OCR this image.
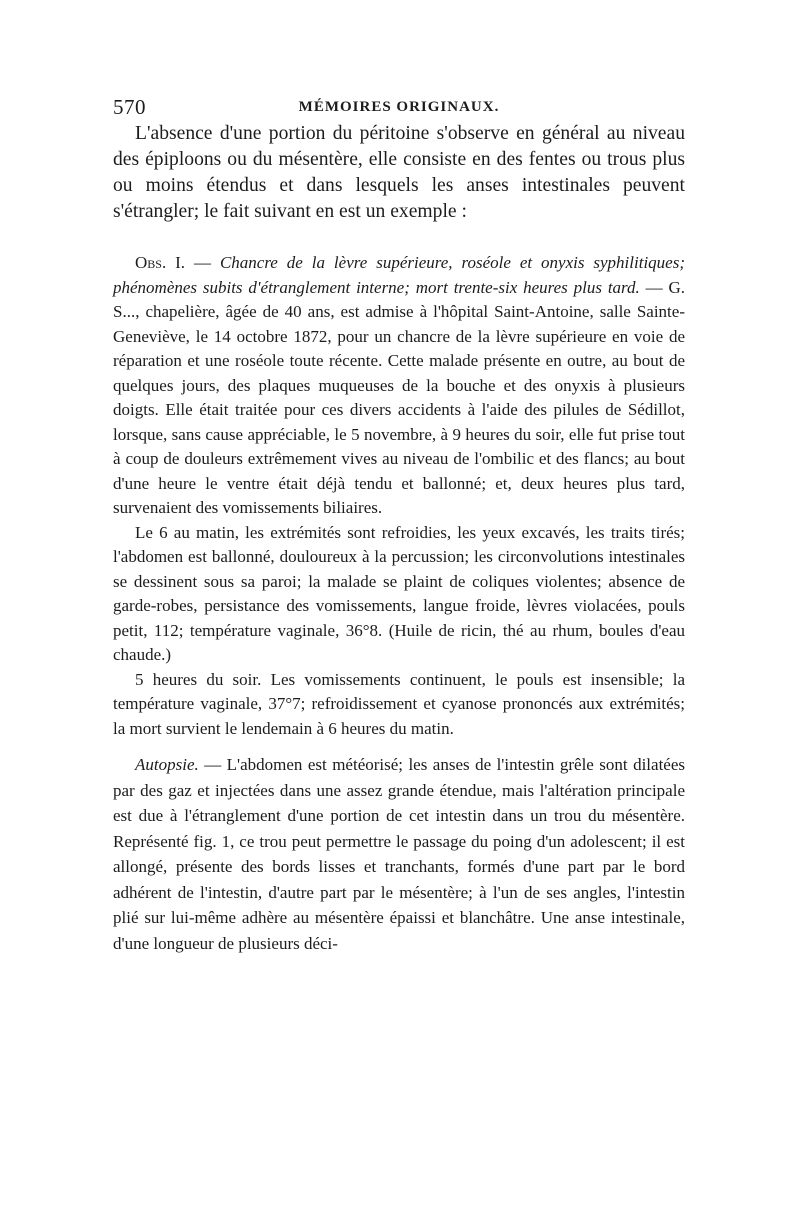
570	MÉMOIRES ORIGINAUX.

L'absence d'une portion du péritoine s'observe en général au niveau des épiploons ou du mésentère, elle consiste en des fentes ou trous plus ou moins étendus et dans lesquels les anses intestinales peuvent s'étrangler; le fait suivant en est un exemple :

Obs. I. — Chancre de la lèvre supérieure, roséole et onyxis syphilitiques; phénomènes subits d'étranglement interne; mort trente-six heures plus tard. — G. S..., chapelière, âgée de 40 ans, est admise à l'hôpital Saint-Antoine, salle Sainte-Geneviève, le 14 octobre 1872, pour un chancre de la lèvre supérieure en voie de réparation et une roséole toute récente. Cette malade présente en outre, au bout de quelques jours, des plaques muqueuses de la bouche et des onyxis à plusieurs doigts. Elle était traitée pour ces divers accidents à l'aide des pilules de Sédillot, lorsque, sans cause appréciable, le 5 novembre, à 9 heures du soir, elle fut prise tout à coup de douleurs extrêmement vives au niveau de l'ombilic et des flancs; au bout d'une heure le ventre était déjà tendu et ballonné; et, deux heures plus tard, survenaient des vomissements biliaires.

Le 6 au matin, les extrémités sont refroidies, les yeux excavés, les traits tirés; l'abdomen est ballonné, douloureux à la percussion; les circonvolutions intestinales se dessinent sous sa paroi; la malade se plaint de coliques violentes; absence de garde-robes, persistance des vomissements, langue froide, lèvres violacées, pouls petit, 112; température vaginale, 36°8. (Huile de ricin, thé au rhum, boules d'eau chaude.)

5 heures du soir. Les vomissements continuent, le pouls est insensible; la température vaginale, 37°7; refroidissement et cyanose prononcés aux extrémités; la mort survient le lendemain à 6 heures du matin.

Autopsie. — L'abdomen est météorisé; les anses de l'intestin grêle sont dilatées par des gaz et injectées dans une assez grande étendue, mais l'altération principale est due à l'étranglement d'une portion de cet intestin dans un trou du mésentère. Représenté fig. 1, ce trou peut permettre le passage du poing d'un adolescent; il est allongé, présente des bords lisses et tranchants, formés d'une part par le bord adhérent de l'intestin, d'autre part par le mésentère; à l'un de ses angles, l'intestin plié sur lui-même adhère au mésentère épaissi et blanchâtre. Une anse intestinale, d'une longueur de plusieurs déci-
